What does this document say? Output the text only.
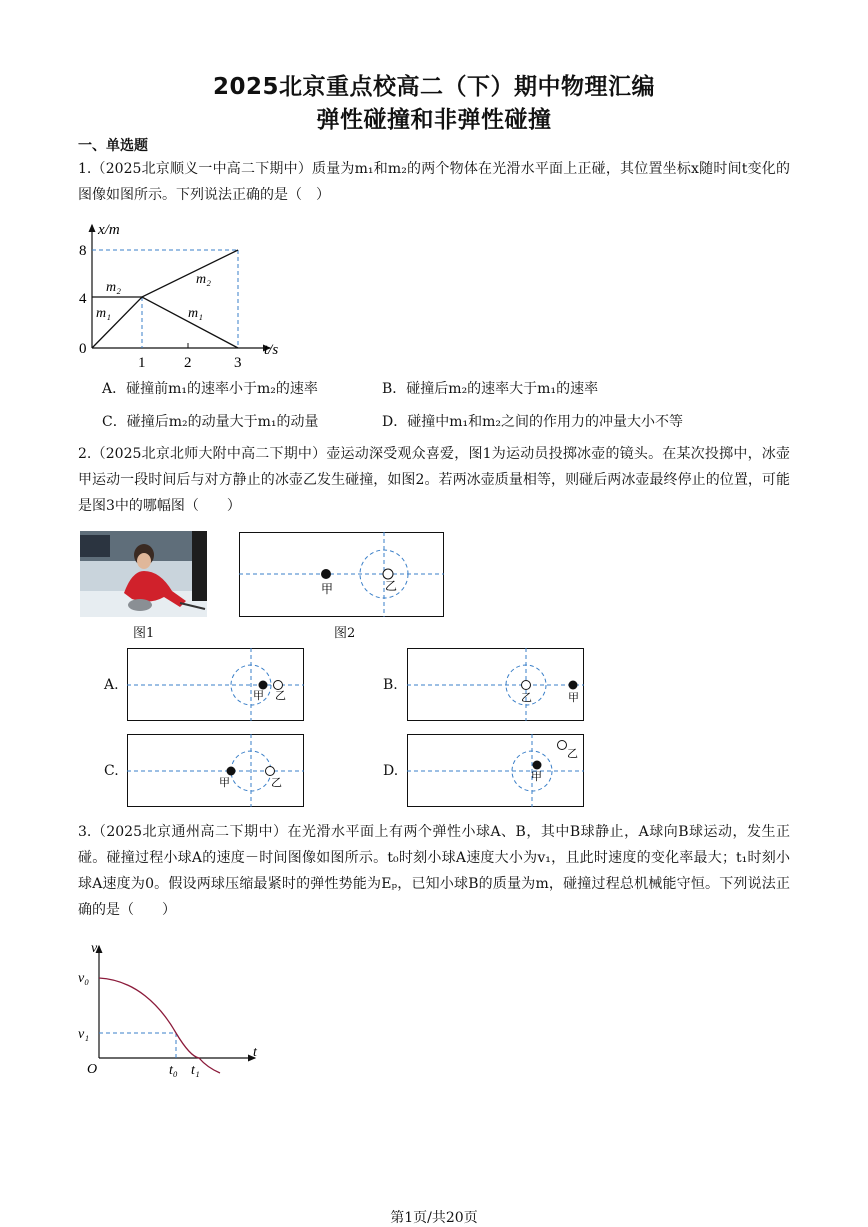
2025北京重点校高二（下）期中物理汇编
弹性碰撞和非弹性碰撞
一、单选题
1.（2025北京顺义一中高二下期中）质量为m₁和m₂的两个物体在光滑水平面上正碰，其位置坐标x随时间t变化的图像如图所示。下列说法正确的是（　）
x/m
t/s
8
4
0
1	2	3
m₂
m₁
m₂
m₁
A．碰撞前m₁的速率小于m₂的速率	B．碰撞后m₂的速率大于m₁的速率
C．碰撞后m₂的动量大于m₁的动量	D．碰撞中m₁和m₂之间的作用力的冲量大小不等
2.（2025北京北师大附中高二下期中）壶运动深受观众喜爱，图1为运动员投掷冰壶的镜头。在某次投掷中，冰壶甲运动一段时间后与对方静止的冰壶乙发生碰撞，如图2。若两冰壶质量相等，则碰后两冰壶最终停止的位置，可能是图3中的哪幅图（　　）
图1
甲	乙
图2
A.
甲 乙
B.
乙	甲
C.
甲	乙
D.	甲
乙
3.（2025北京通州高二下期中）在光滑水平面上有两个弹性小球A、B，其中B球静止，A球向B球运动，发生正碰。碰撞过程小球A的速度－时间图像如图所示。t₀时刻小球A速度大小为v₁，且此时速度的变化率最大；t₁时刻小球A速度为0。假设两球压缩最紧时的弹性势能为Eₚ，已知小球B的质量为m，碰撞过程总机械能守恒。下列说法正确的是（　　）
v
t
O
v₀
v₁
t₀ t₁
第1页/共20页
